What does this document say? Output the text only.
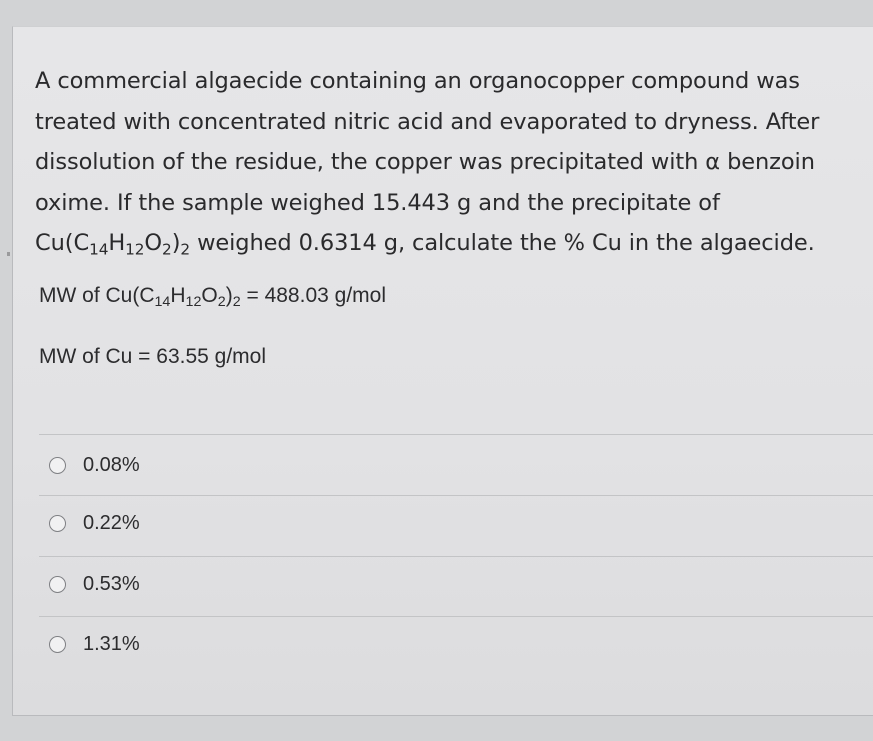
A commercial algaecide containing an organocopper compound was
treated with concentrated nitric acid and evaporated to dryness. After
dissolution of the residue, the copper was precipitated with α benzoin
oxime. If the sample weighed 15.443 g and the precipitate of
$Cu(C_{14}H_{12}O_2)_2$ weighed 0.6314 g, calculate the % Cu in the algaecide.
MW of $Cu(C_{14}H_{12}O_2)_2 = 488.03$ g/mol
MW of Cu = 63.55 g/mol
0.08%
0.22%
0.53%
1.31%
